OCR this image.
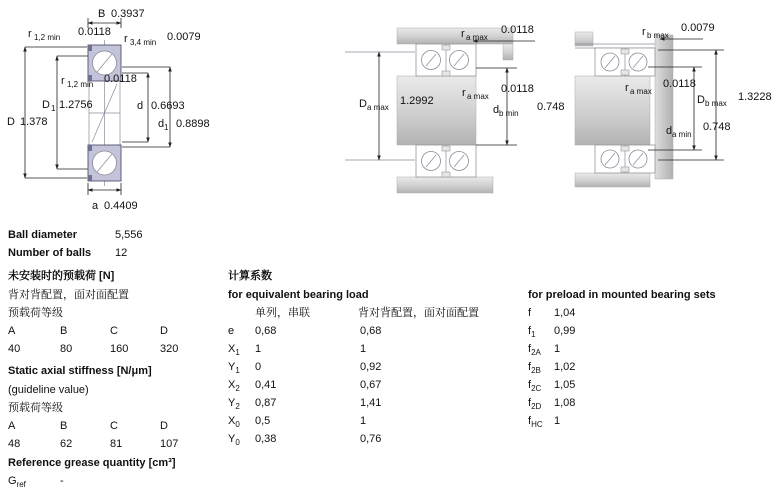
B 0.3937
r 1,2 min 0.0118
r 3,4 min 0.0079
r 1,2 min 0.0118
D 1 1.2756
D 1.378
d 0.6693
d 1 0.8898
a 0.4409
r a max
0.0118
D a max
1.2992
r a max
0.0118
d b min
0.748
r b max
0.0079
r a max
0.0118
D b max
1.3228
d a min
0.748
Ball diameter	5,556
Number of balls 12
未安装时的预载荷 [N]
背对背配置，面对面配置
预载荷等级
A	B	C	D
40	80	160	320
Static axial stiffness [N/μm]
(guideline value)
预载荷等级
A	B	C	D
48	62	81	107
Reference grease quantity [cm³]
$G_{ref}$	-
计算系数
for equivalent bearing load
单列，串联	背对背配置，面对面配置
e 0,68	0,68
$X_1$ 1	1
$Y_1$ 0	0,92
$X_2$ 0,41	0,67
$Y_2$ 0,87	1,41
$X_0$ 0,5	1
$Y_0$ 0,38	0,76
for preload in mounted bearing sets
f 1,04
$f_1$ 0,99
$f_{2A}$ 1
$f_{2B}$ 1,02
$f_{2C}$ 1,05
$f_{2D}$ 1,08
$f_{HC}$ 1
